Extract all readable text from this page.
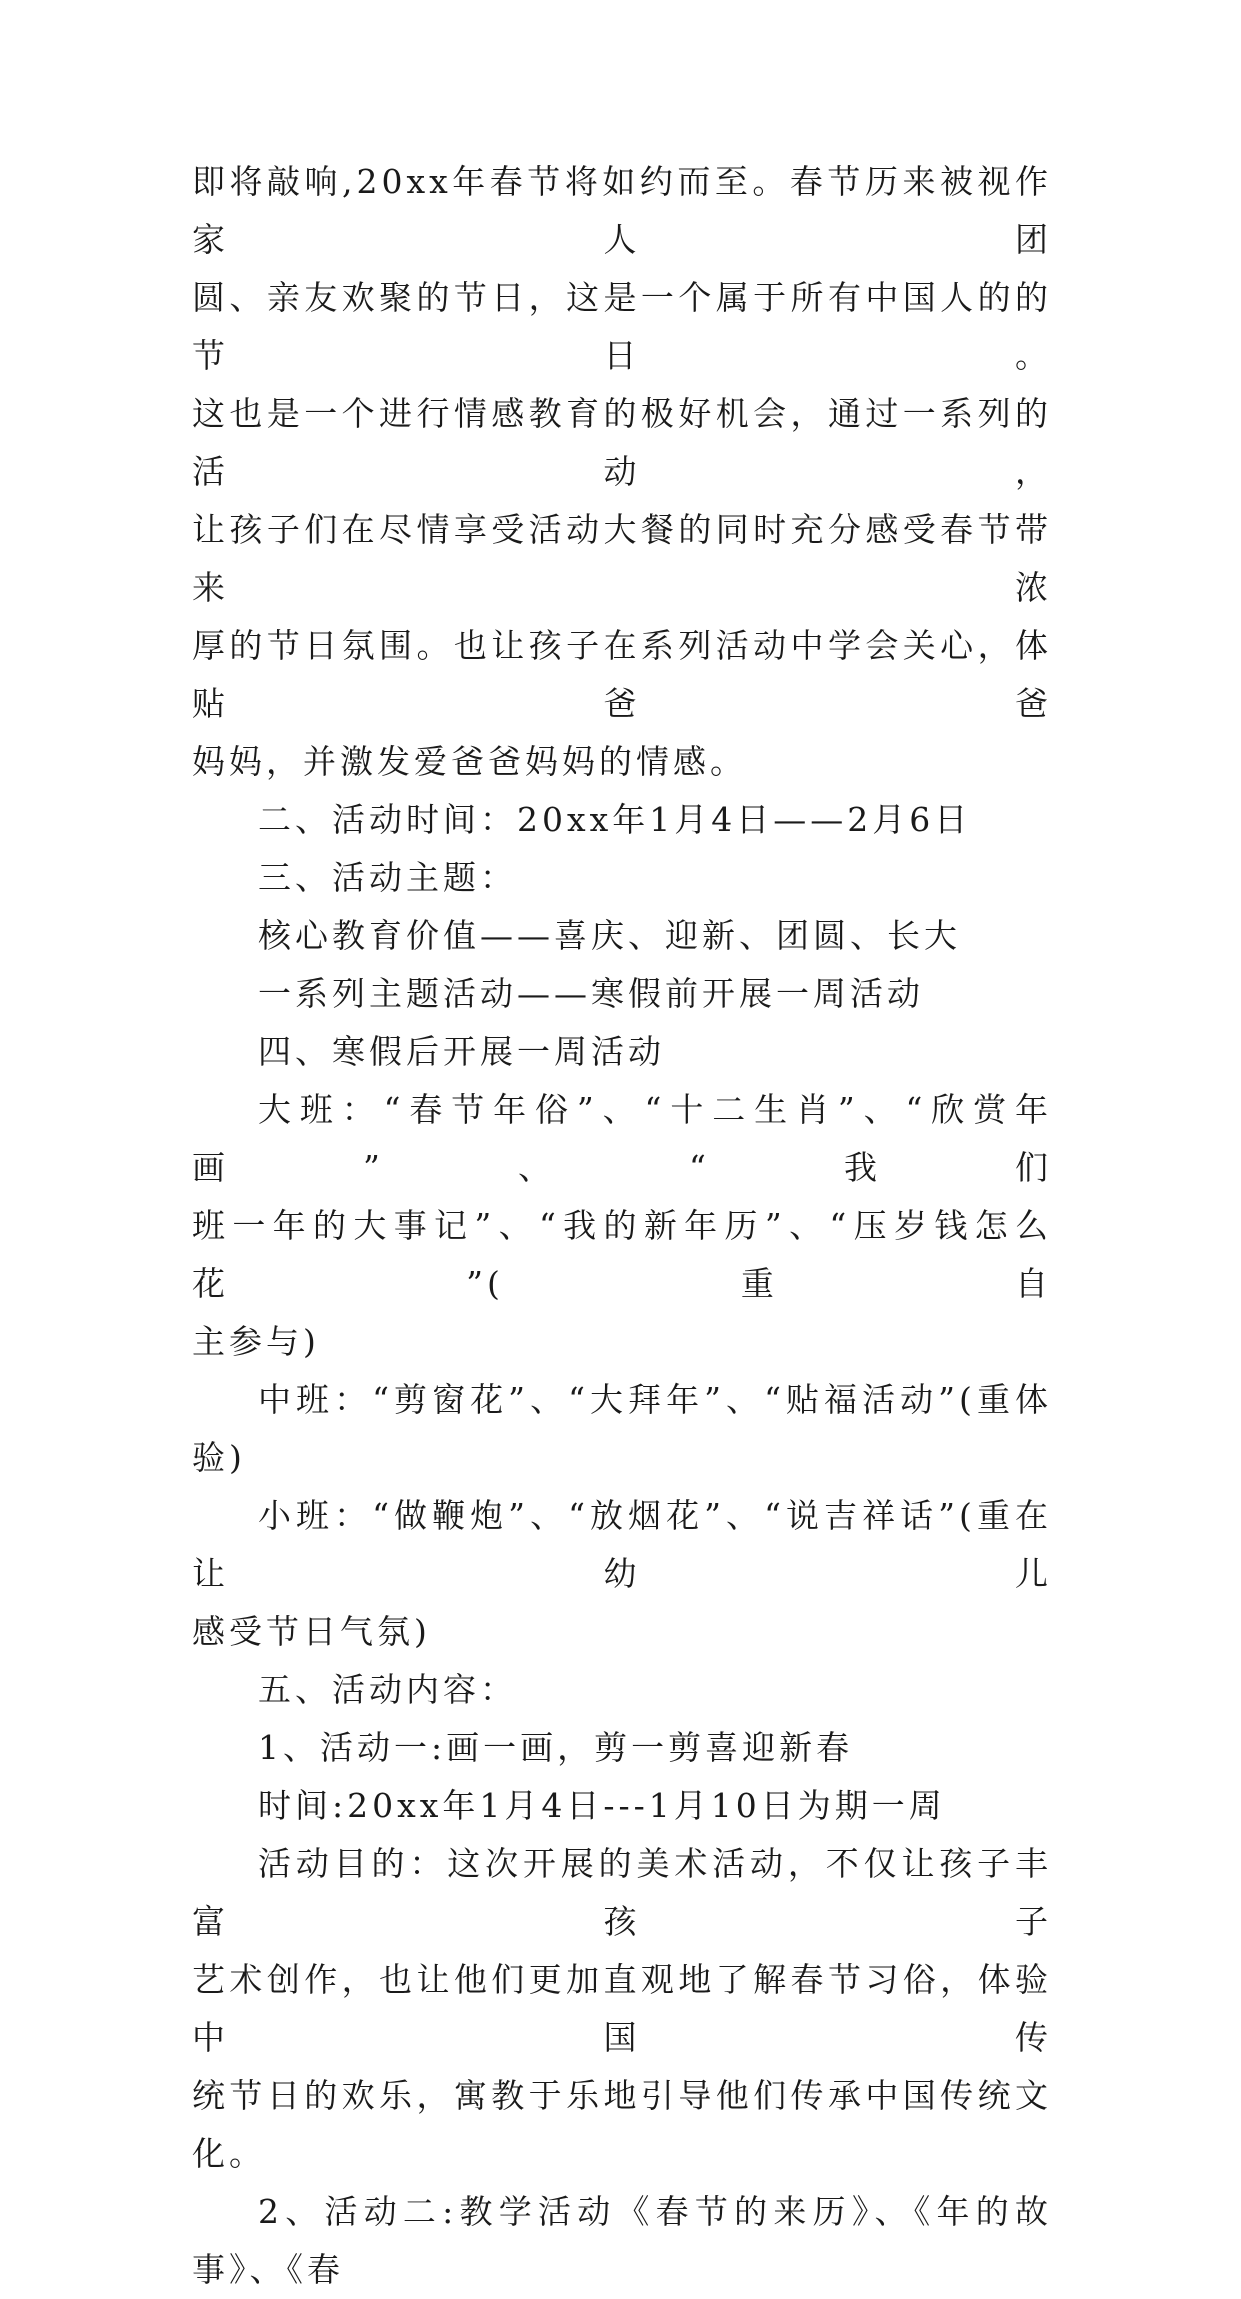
即将敲响,20xx年春节将如约而至。春节历来被视作家人团

圆、亲友欢聚的节日，这是一个属于所有中国人的的节日。

这也是一个进行情感教育的极好机会，通过一系列的活动，

让孩子们在尽情享受活动大餐的同时充分感受春节带来浓

厚的节日氛围。也让孩子在系列活动中学会关心，体贴爸爸

妈妈，并激发爱爸爸妈妈的情感。

二、活动时间：20xx年1月4日——2月6日

三、活动主题：

核心教育价值——喜庆、迎新、团圆、长大

一系列主题活动——寒假前开展一周活动

四、寒假后开展一周活动

大班：“春节年俗”、“十二生肖”、“欣赏年画”、“我们

班一年的大事记”、“我的新年历”、“压岁钱怎么花”(重自

主参与)

中班：“剪窗花”、“大拜年”、“贴福活动”(重体验)

小班：“做鞭炮”、“放烟花”、“说吉祥话”(重在让幼儿

感受节日气氛)

五、活动内容：

1、活动一:画一画，剪一剪喜迎新春

时间:20xx年1月4日---1月10日为期一周

活动目的：这次开展的美术活动，不仅让孩子丰富孩子

艺术创作，也让他们更加直观地了解春节习俗，体验中国传

统节日的欢乐，寓教于乐地引导他们传承中国传统文化。

2、活动二:教学活动《春节的来历》、《年的故事》、《春
